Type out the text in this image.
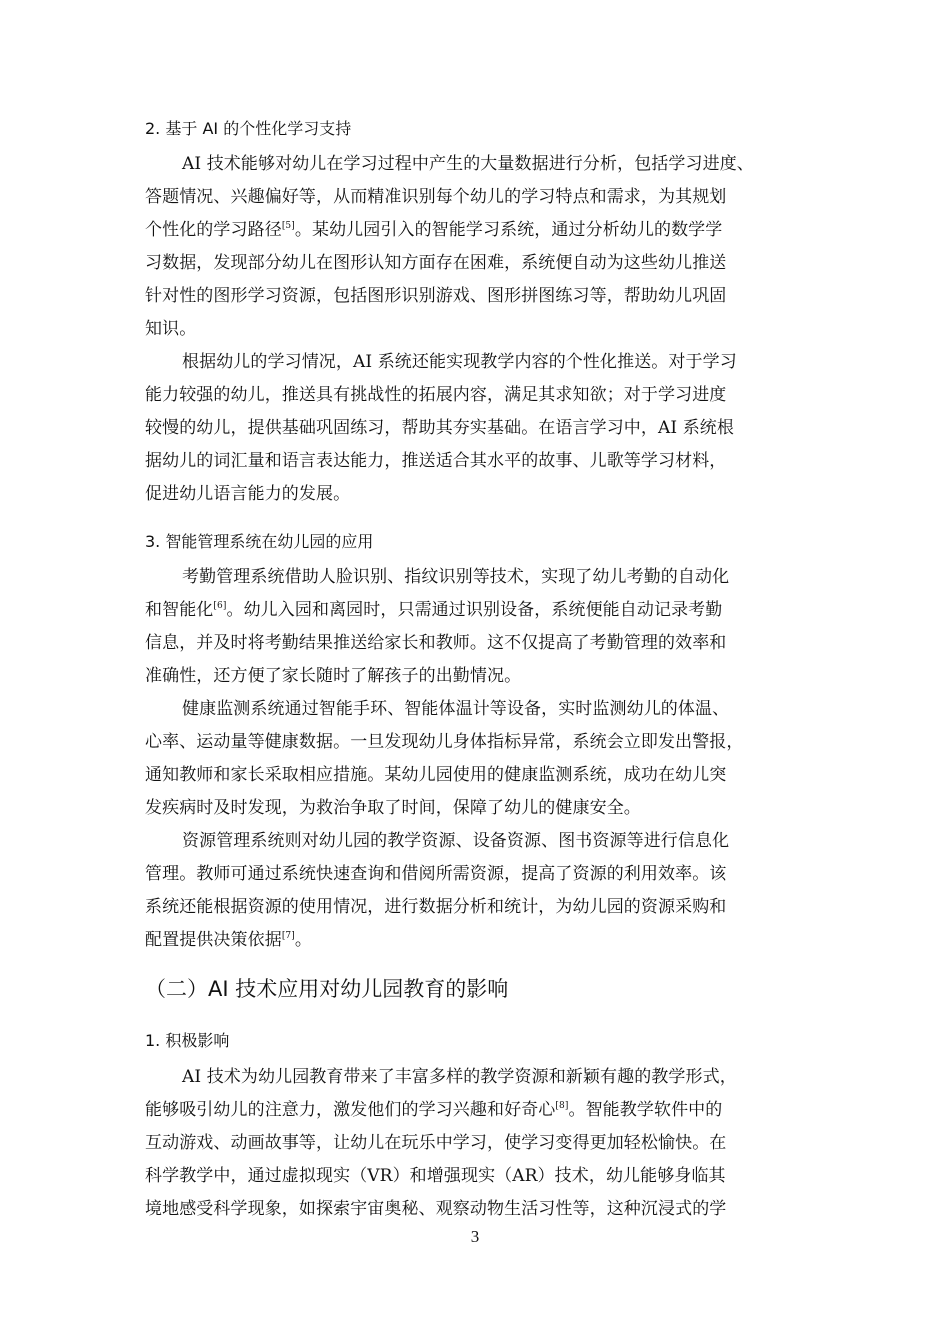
2. 基于 AI 的个性化学习支持
AI 技术能够对幼儿在学习过程中产生的大量数据进行分析，包括学习进度、
答题情况、兴趣偏好等，从而精准识别每个幼儿的学习特点和需求，为其规划
个性化的学习路径[5]。某幼儿园引入的智能学习系统，通过分析幼儿的数学学
习数据，发现部分幼儿在图形认知方面存在困难，系统便自动为这些幼儿推送
针对性的图形学习资源，包括图形识别游戏、图形拼图练习等，帮助幼儿巩固
知识。
根据幼儿的学习情况，AI 系统还能实现教学内容的个性化推送。对于学习
能力较强的幼儿，推送具有挑战性的拓展内容，满足其求知欲；对于学习进度
较慢的幼儿，提供基础巩固练习，帮助其夯实基础。在语言学习中，AI 系统根
据幼儿的词汇量和语言表达能力，推送适合其水平的故事、儿歌等学习材料，
促进幼儿语言能力的发展。
3. 智能管理系统在幼儿园的应用
考勤管理系统借助人脸识别、指纹识别等技术，实现了幼儿考勤的自动化
和智能化[6]。幼儿入园和离园时，只需通过识别设备，系统便能自动记录考勤
信息，并及时将考勤结果推送给家长和教师。这不仅提高了考勤管理的效率和
准确性，还方便了家长随时了解孩子的出勤情况。
健康监测系统通过智能手环、智能体温计等设备，实时监测幼儿的体温、
心率、运动量等健康数据。一旦发现幼儿身体指标异常，系统会立即发出警报，
通知教师和家长采取相应措施。某幼儿园使用的健康监测系统，成功在幼儿突
发疾病时及时发现，为救治争取了时间，保障了幼儿的健康安全。
资源管理系统则对幼儿园的教学资源、设备资源、图书资源等进行信息化
管理。教师可通过系统快速查询和借阅所需资源，提高了资源的利用效率。该
系统还能根据资源的使用情况，进行数据分析和统计，为幼儿园的资源采购和
配置提供决策依据[7]。
（二）AI 技术应用对幼儿园教育的影响
1. 积极影响
AI 技术为幼儿园教育带来了丰富多样的教学资源和新颖有趣的教学形式，
能够吸引幼儿的注意力，激发他们的学习兴趣和好奇心[8]。智能教学软件中的
互动游戏、动画故事等，让幼儿在玩乐中学习，使学习变得更加轻松愉快。在
科学教学中，通过虚拟现实（VR）和增强现实（AR）技术，幼儿能够身临其
境地感受科学现象，如探索宇宙奥秘、观察动物生活习性等，这种沉浸式的学
3
